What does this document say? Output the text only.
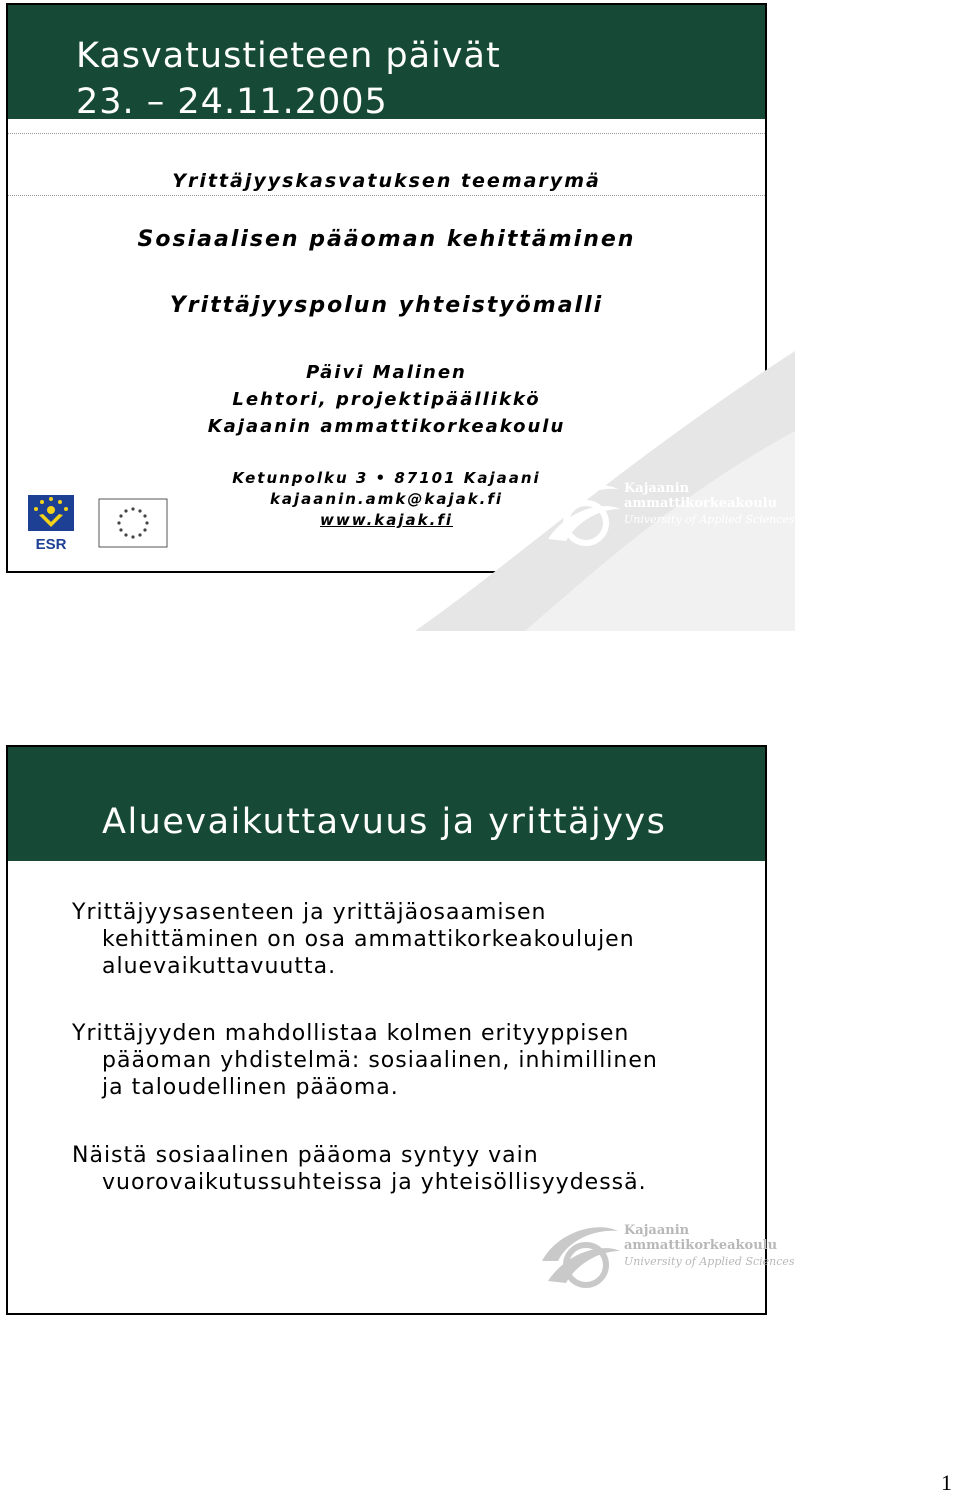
Kasvatustieteen päivät
23. – 24.11.2005
Yrittäjyyskasvatuksen teemarymä
Sosiaalisen pääoman kehittäminen
Yrittäjyyspolun yhteistyömalli
Päivi Malinen
Lehtori, projektipäällikkö
Kajaanin ammattikorkeakoulu
Ketunpolku 3 • 87101 Kajaani
kajaanin.amk@kajak.fi
www.kajak.fi
ESR
Kajaanin
ammattikorkeakoulu
University of Applied Sciences
Aluevaikuttavuus ja yrittäjyys
Yrittäjyysasenteen ja yrittäjäosaamisen
kehittäminen on osa ammattikorkeakoulujen
aluevaikuttavuutta.
Yrittäjyyden mahdollistaa kolmen erityyppisen
pääoman yhdistelmä: sosiaalinen, inhimillinen
ja taloudellinen pääoma.
Näistä sosiaalinen pääoma syntyy vain
vuorovaikutussuhteissa ja yhteisöllisyydessä.
Kajaanin
ammattikorkeakoulu
University of Applied Sciences
1
